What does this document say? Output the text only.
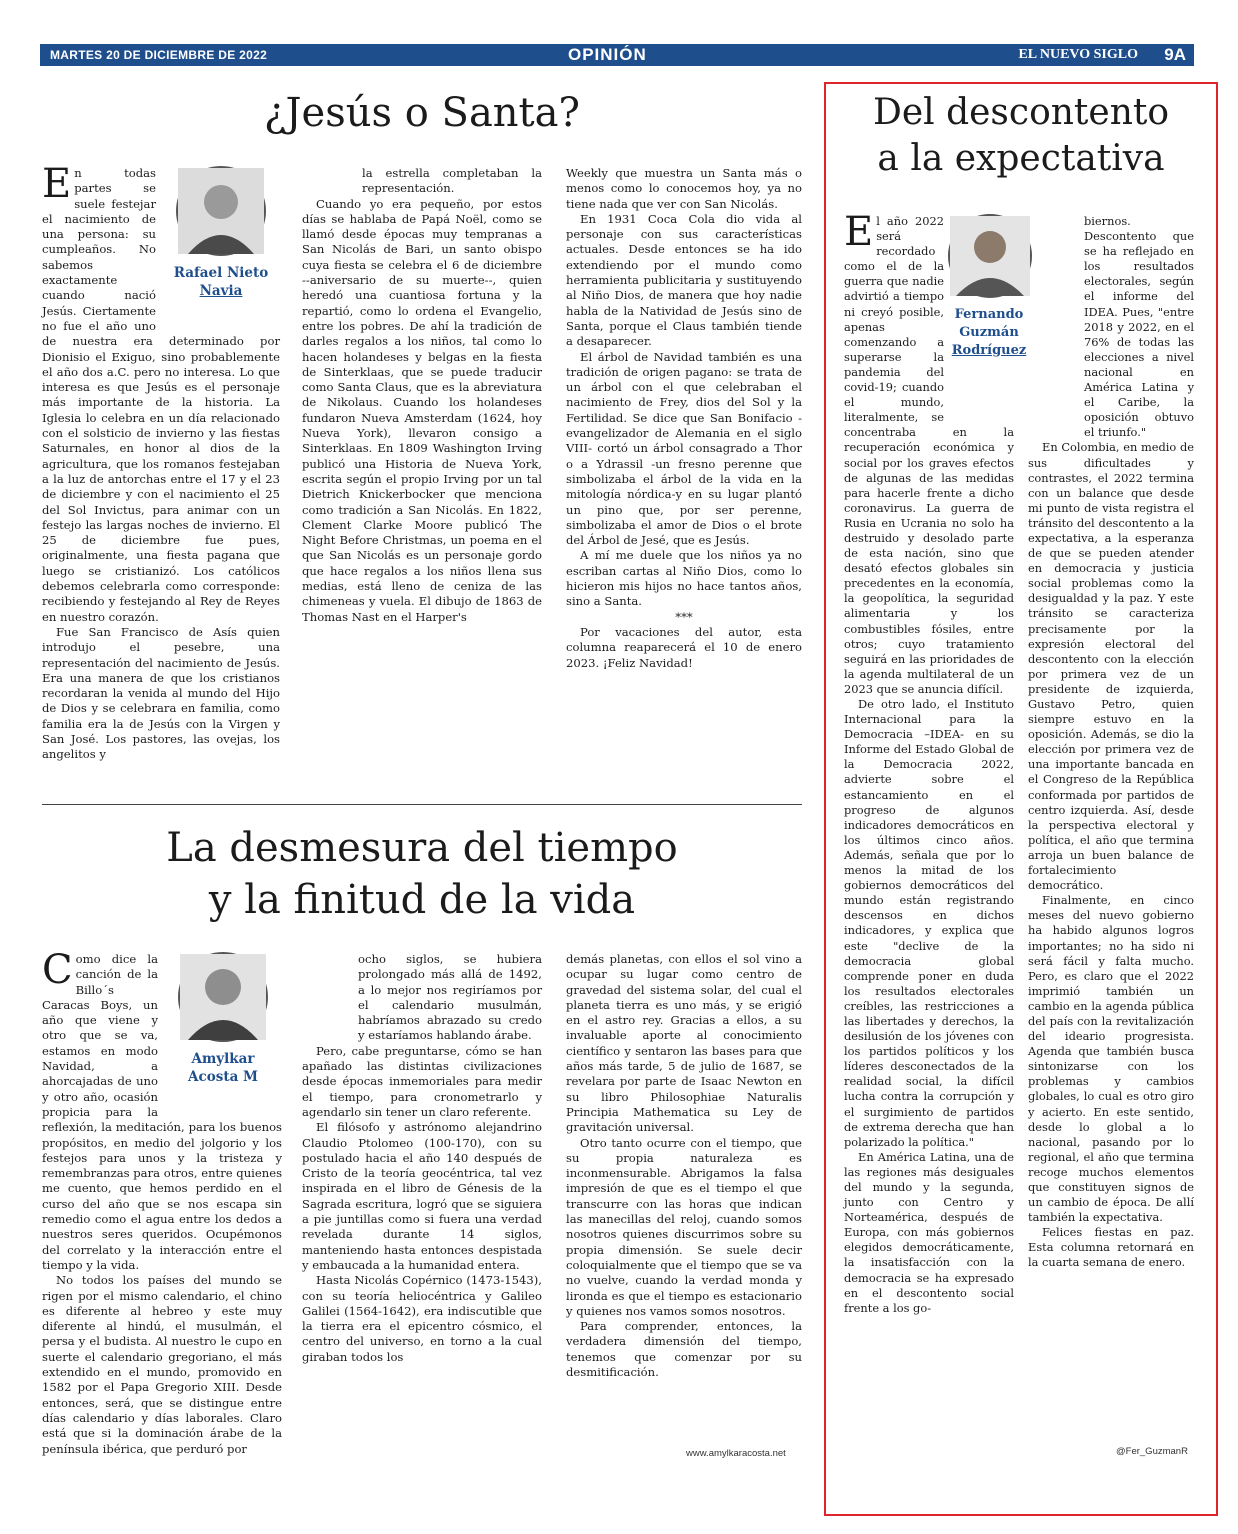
MARTES 20 DE DICIEMBRE DE 2022	OPINIÓN	EL NUEVO SIGLO 9A
¿Jesús o Santa?
Rafael Nieto
Navia

En todas partes se suele festejar el nacimiento de una persona: su cumpleaños. No sabemos exactamente cuando nació Jesús. Ciertamente no fue el año uno de nuestra era determinado por Dionisio el Exiguo, sino probablemente el año dos a.C. pero no interesa. Lo que interesa es que Jesús es el personaje más importante de la historia. La Iglesia lo celebra en un día relacionado con el solsticio de invierno y las fiestas Saturnales, en honor al dios de la agricultura, que los romanos festejaban a la luz de antorchas entre el 17 y el 23 de diciembre y con el nacimiento el 25 del Sol Invictus, para animar con un festejo las largas noches de invierno. El 25 de diciembre fue pues, originalmente, una fiesta pagana que luego se cristianizó. Los católicos debemos celebrarla como corresponde: recibiendo y festejando al Rey de Reyes en nuestro corazón.

Fue San Francisco de Asís quien introdujo el pesebre, una representación del nacimiento de Jesús. Era una manera de que los cristianos recordaran la venida al mundo del Hijo de Dios y se celebrara en familia, como familia era la de Jesús con la Virgen y San José. Los pastores, las ovejas, los angelitos y

la estrella completaban la representación.

Cuando yo era pequeño, por estos días se hablaba de Papá Noël, como se llamó desde épocas muy tempranas a San Nicolás de Bari, un santo obispo cuya fiesta se celebra el 6 de diciembre --aniversario de su muerte--, quien heredó una cuantiosa fortuna y la repartió, como lo ordena el Evangelio, entre los pobres. De ahí la tradición de darles regalos a los niños, tal como lo hacen holandeses y belgas en la fiesta de Sinterklaas, que se puede traducir como Santa Claus, que es la abreviatura de Nikolaus. Cuando los holandeses fundaron Nueva Amsterdam (1624, hoy Nueva York), llevaron consigo a Sinterklaas. En 1809 Washington Irving publicó una Historia de Nueva York, escrita según el propio Irving por un tal Dietrich Knickerbocker que menciona como tradición a San Nicolás. En 1822, Clement Clarke Moore publicó The Night Before Christmas, un poema en el que San Nicolás es un personaje gordo que hace regalos a los niños llena sus medias, está lleno de ceniza de las chimeneas y vuela. El dibujo de 1863 de Thomas Nast en el Harper's

Weekly que muestra un Santa más o menos como lo conocemos hoy, ya no tiene nada que ver con San Nicolás.

En 1931 Coca Cola dio vida al personaje con sus características actuales. Desde entonces se ha ido extendiendo por el mundo como herramienta publicitaria y sustituyendo al Niño Dios, de manera que hoy nadie habla de la Natividad de Jesús sino de Santa, porque el Claus también tiende a desaparecer.

El árbol de Navidad también es una tradición de origen pagano: se trata de un árbol con el que celebraban el nacimiento de Frey, dios del Sol y la Fertilidad. Se dice que San Bonifacio -evangelizador de Alemania en el siglo VIII- cortó un árbol consagrado a Thor o a Ydrassil -un fresno perenne que simbolizaba el árbol de la vida en la mitología nórdica-y en su lugar plantó un pino que, por ser perenne, simbolizaba el amor de Dios o el brote del Árbol de Jesé, que es Jesús.

A mí me duele que los niños ya no escriban cartas al Niño Dios, como lo hicieron mis hijos no hace tantos años, sino a Santa.

***

Por vacaciones del autor, esta columna reaparecerá el 10 de enero 2023. ¡Feliz Navidad!

La desmesura del tiempo
y la finitud de la vida
Amylkar
Acosta M

Como dice la canción de la Billo´s Caracas Boys, un año que viene y otro que se va, estamos en modo Navidad, a ahorcajadas de uno y otro año, ocasión propicia para la reflexión, la meditación, para los buenos propósitos, en medio del jolgorio y los festejos para unos y la tristeza y remembranzas para otros, entre quienes me cuento, que hemos perdido en el curso del año que se nos escapa sin remedio como el agua entre los dedos a nuestros seres queridos. Ocupémonos del correlato y la interacción entre el tiempo y la vida.

No todos los países del mundo se rigen por el mismo calendario, el chino es diferente al hebreo y este muy diferente al hindú, el musulmán, el persa y el budista. Al nuestro le cupo en suerte el calendario gregoriano, el más extendido en el mundo, promovido en 1582 por el Papa Gregorio XIII. Desde entonces, será, que se distingue entre días calendario y días laborales. Claro está que si la dominación árabe de la península ibérica, que perduró por

ocho siglos, se hubiera prolongado más allá de 1492, a lo mejor nos regiríamos por el calendario musulmán, habríamos abrazado su credo y estaríamos hablando árabe.

Pero, cabe preguntarse, cómo se han apañado las distintas civilizaciones desde épocas inmemoriales para medir el tiempo, para cronometrarlo y agendarlo sin tener un claro referente.

El filósofo y astrónomo alejandrino Claudio Ptolomeo (100-170), con su postulado hacia el año 140 después de Cristo de la teoría geocéntrica, tal vez inspirada en el libro de Génesis de la Sagrada escritura, logró que se siguiera a pie juntillas como si fuera una verdad revelada durante 14 siglos, manteniendo hasta entonces despistada y embaucada a la humanidad entera.

Hasta Nicolás Copérnico (1473-1543), con su teoría heliocéntrica y Galileo Galilei (1564-1642), era indiscutible que la tierra era el epicentro cósmico, el centro del universo, en torno a la cual giraban todos los

demás planetas, con ellos el sol vino a ocupar su lugar como centro de gravedad del sistema solar, del cual el planeta tierra es uno más, y se erigió en el astro rey. Gracias a ellos, a su invaluable aporte al conocimiento científico y sentaron las bases para que años más tarde, 5 de julio de 1687, se revelara por parte de Isaac Newton en su libro Philosophiae Naturalis Principia Mathematica su Ley de gravitación universal.

Otro tanto ocurre con el tiempo, que su propia naturaleza es inconmensurable. Abrigamos la falsa impresión de que es el tiempo el que transcurre con las horas que indican las manecillas del reloj, cuando somos nosotros quienes discurrimos sobre su propia dimensión. Se suele decir coloquialmente que el tiempo que se va no vuelve, cuando la verdad monda y lironda es que el tiempo es estacionario y quienes nos vamos somos nosotros.

Para comprender, entonces, la verdadera dimensión del tiempo, tenemos que comenzar por su desmitificación.

www.amylkaracosta.net
Del descontento
a la expectativa
Fernando
Guzmán
Rodríguez

El año 2022 será recordado como el de la guerra que nadie advirtió a tiempo ni creyó posible, apenas comenzando a superarse la pandemia del covid-19; cuando el mundo, literalmente, se concentraba en la recuperación económica y social por los graves efectos de algunas de las medidas para hacerle frente a dicho coronavirus. La guerra de Rusia en Ucrania no solo ha destruido y desolado parte de esta nación, sino que desató efectos globales sin precedentes en la economía, la geopolítica, la seguridad alimentaria y los combustibles fósiles, entre otros; cuyo tratamiento seguirá en las prioridades de la agenda multilateral de un 2023 que se anuncia difícil.

De otro lado, el Instituto Internacional para la Democracia –IDEA- en su Informe del Estado Global de la Democracia 2022, advierte sobre el estancamiento en el progreso de algunos indicadores democráticos en los últimos cinco años. Además, señala que por lo menos la mitad de los gobiernos democráticos del mundo están registrando descensos en dichos indicadores, y explica que este "declive de la democracia global comprende poner en duda los resultados electorales creíbles, las restricciones a las libertades y derechos, la desilusión de los jóvenes con los partidos políticos y los líderes desconectados de la realidad social, la difícil lucha contra la corrupción y el surgimiento de partidos de extrema derecha que han polarizado la política."

En América Latina, una de las regiones más desiguales del mundo y la segunda, junto con Centro y Norteamérica, después de Europa, con más gobiernos elegidos democráticamente, la insatisfacción con la democracia se ha expresado en el descontento social frente a los go-

biernos. Descontento que se ha reflejado en los resultados electorales, según el informe del IDEA. Pues, "entre 2018 y 2022, en el 76% de todas las elecciones a nivel nacional en América Latina y el Caribe, la oposición obtuvo el triunfo."

En Colombia, en medio de sus dificultades y contrastes, el 2022 termina con un balance que desde mi punto de vista registra el tránsito del descontento a la expectativa, a la esperanza de que se pueden atender en democracia y justicia social problemas como la desigualdad y la paz. Y este tránsito se caracteriza precisamente por la expresión electoral del descontento con la elección por primera vez de un presidente de izquierda, Gustavo Petro, quien siempre estuvo en la oposición. Además, se dio la elección por primera vez de una importante bancada en el Congreso de la República conformada por partidos de centro izquierda. Así, desde la perspectiva electoral y política, el año que termina arroja un buen balance de fortalecimiento democrático.

Finalmente, en cinco meses del nuevo gobierno ha habido algunos logros importantes; no ha sido ni será fácil y falta mucho. Pero, es claro que el 2022 imprimió también un cambio en la agenda pública del país con la revitalización del ideario progresista. Agenda que también busca sintonizarse con los problemas y cambios globales, lo cual es otro giro y acierto. En este sentido, desde lo global a lo nacional, pasando por lo regional, el año que termina recoge muchos elementos que constituyen signos de un cambio de época. De allí también la expectativa.

Felices fiestas en paz. Esta columna retornará en la cuarta semana de enero.

@Fer_GuzmanR
